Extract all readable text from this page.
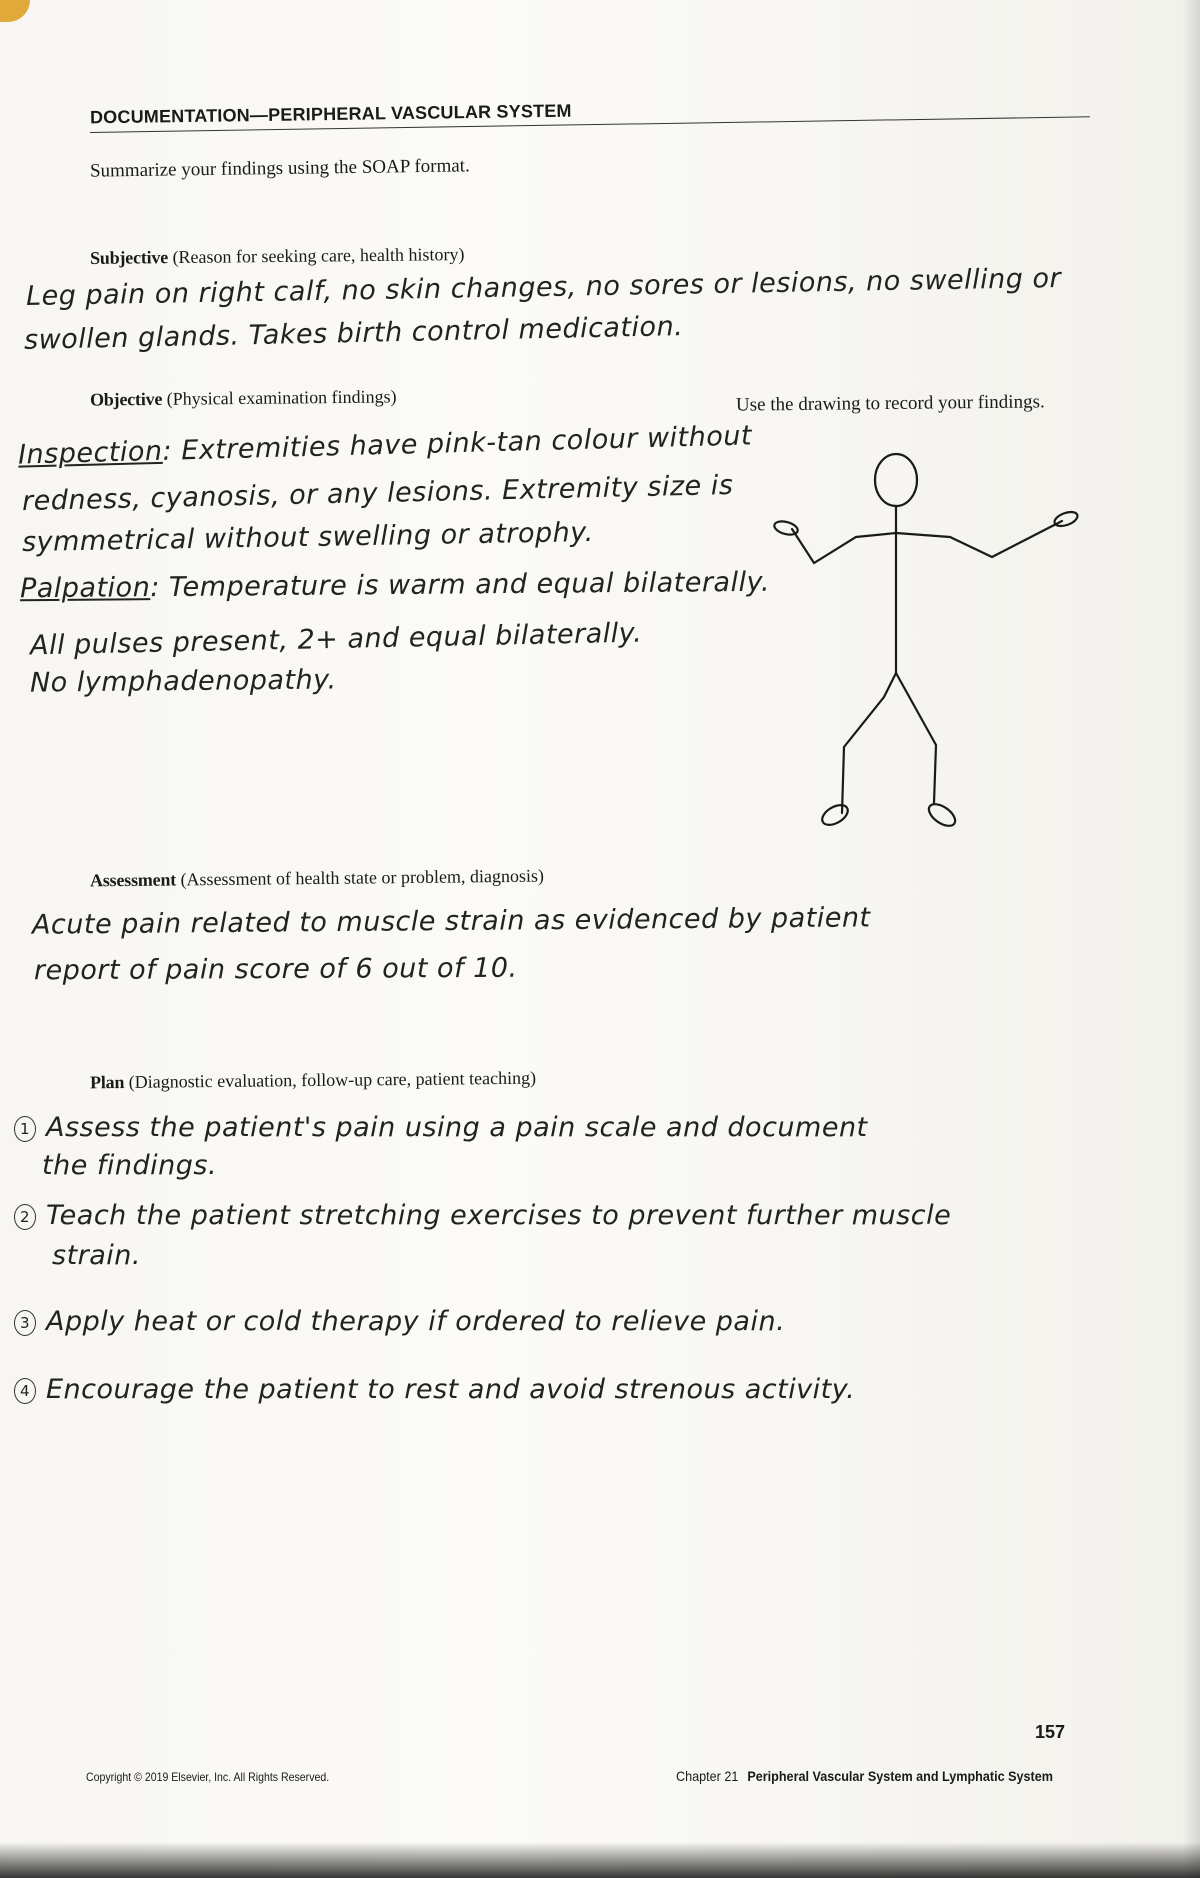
DOCUMENTATION—PERIPHERAL VASCULAR SYSTEM
Summarize your findings using the SOAP format.
Subjective (Reason for seeking care, health history)
Leg pain on right calf, no skin changes, no sores or lesions, no swelling or
swollen glands. Takes birth control medication.
Objective (Physical examination findings)	Use the drawing to record your findings.
Inspection: Extremities have pink-tan colour without
redness, cyanosis, or any lesions. Extremity size is
symmetrical without swelling or atrophy.
Palpation: Temperature is warm and equal bilaterally.
All pulses present, 2+ and equal bilaterally.
No lymphadenopathy.
Assessment (Assessment of health state or problem, diagnosis)
Acute pain related to muscle strain as evidenced by patient
report of pain score of 6 out of 10.
Plan (Diagnostic evaluation, follow-up care, patient teaching)
1 Assess the patient's pain using a pain scale and document
the findings.
2 Teach the patient stretching exercises to prevent further muscle
strain.
3 Apply heat or cold therapy if ordered to relieve pain.
4 Encourage the patient to rest and avoid strenous activity.
157
Copyright © 2019 Elsevier, Inc. All Rights Reserved.	Chapter 21 Peripheral Vascular System and Lymphatic System
